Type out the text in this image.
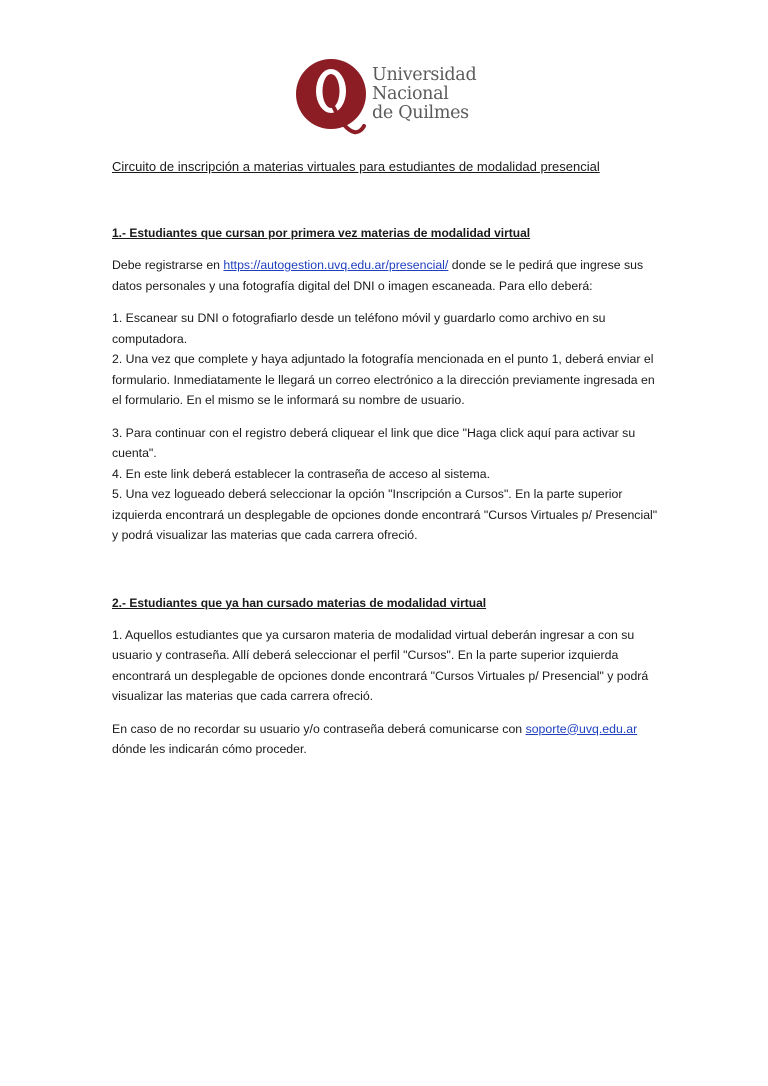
Universidad
Nacional
de Quilmes
Circuito de inscripción a materias virtuales para estudiantes de modalidad presencial
1.- Estudiantes que cursan por primera vez materias de modalidad virtual

Debe registrarse en https://autogestion.uvq.edu.ar/presencial/ donde se le pedirá que ingrese sus datos personales y una fotografía digital del DNI o imagen escaneada. Para ello deberá:

1. Escanear su DNI o fotografiarlo desde un teléfono móvil y guardarlo como archivo en su computadora.
2. Una vez que complete y haya adjuntado la fotografía mencionada en el punto 1, deberá enviar el formulario. Inmediatamente le llegará un correo electrónico a la dirección previamente ingresada en el formulario. En el mismo se le informará su nombre de usuario.

3. Para continuar con el registro deberá cliquear el link que dice "Haga click aquí para activar su cuenta".
4. En este link deberá establecer la contraseña de acceso al sistema.
5. Una vez logueado deberá seleccionar la opción "Inscripción a Cursos". En la parte superior izquierda encontrará un desplegable de opciones donde encontrará "Cursos Virtuales p/ Presencial" y podrá visualizar las materias que cada carrera ofreció.

2.- Estudiantes que ya han cursado materias de modalidad virtual

1. Aquellos estudiantes que ya cursaron materia de modalidad virtual deberán ingresar a con su usuario y contraseña. Allí deberá seleccionar el perfil "Cursos". En la parte superior izquierda encontrará un desplegable de opciones donde encontrará "Cursos Virtuales p/ Presencial" y podrá visualizar las materias que cada carrera ofreció.

En caso de no recordar su usuario y/o contraseña deberá comunicarse con soporte@uvq.edu.ar dónde les indicarán cómo proceder.
